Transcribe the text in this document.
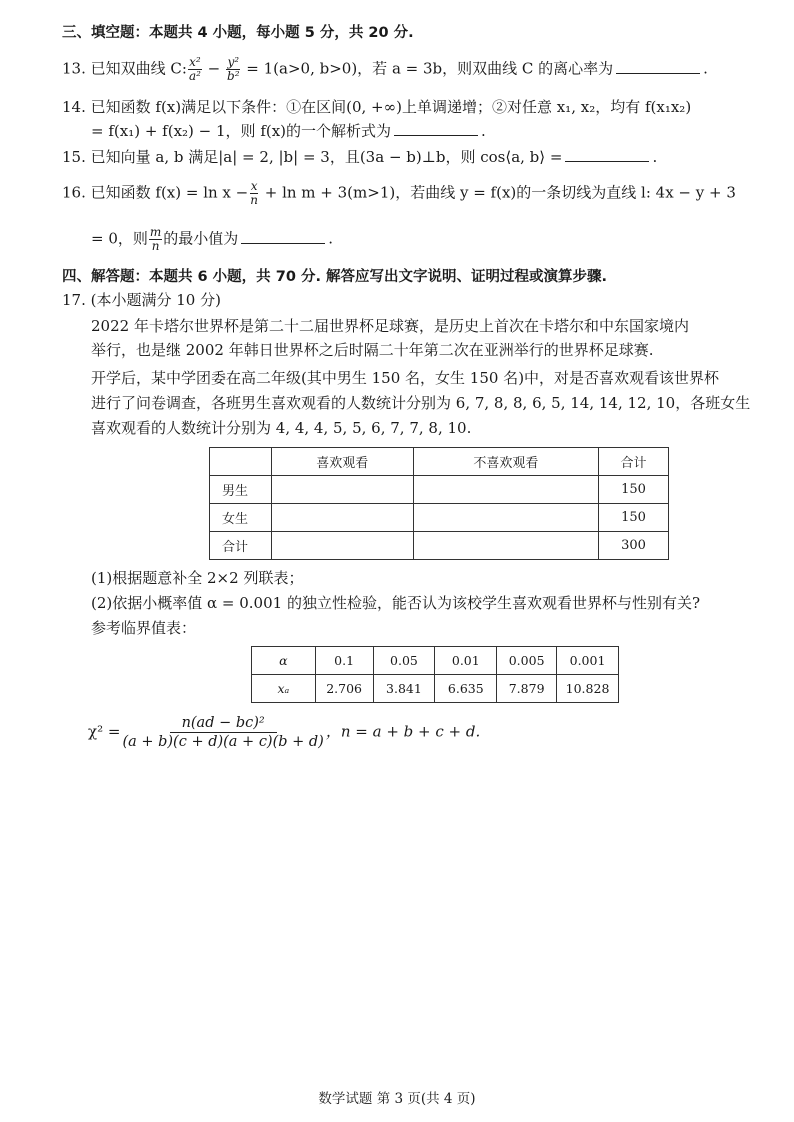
三、填空题：本题共 4 小题，每小题 5 分，共 20 分.
13. 已知双曲线 C: $\frac{\text{x²}}{\text{a²}} - \frac{\text{y²}}{\text{b²}} = 1(a>0$, b>0)，若 a = 3b，则双曲线 C 的离心率为	.
14. 已知函数 f(x)满足以下条件：①在区间(0, +∞)上单调递增；②对任意 x₁, x₂，均有 f(x₁x₂)
= f(x₁) + f(x₂) − 1，则 f(x)的一个解析式为	.
15. 已知向量 a, b 满足|a| = 2, |b| = 3，且(3a − b)⊥b，则 cos⟨a, b⟩ =	.
16. 已知函数 $f(x) = \ln x - \frac{x}{n} + \ln m + 3(m>1)$，若曲线 y = f(x)的一条切线为直线 l: 4x − y + 3
= 0，则 $\frac{m}{n}$ 的最小值为	.
四、解答题：本题共 6 小题，共 70 分. 解答应写出文字说明、证明过程或演算步骤.
17. (本小题满分 10 分)
2022 年卡塔尔世界杯是第二十二届世界杯足球赛，是历史上首次在卡塔尔和中东国家境内
举行，也是继 2002 年韩日世界杯之后时隔二十年第二次在亚洲举行的世界杯足球赛.
开学后，某中学团委在高二年级(其中男生 150 名，女生 150 名)中，对是否喜欢观看该世界杯
进行了问卷调查，各班男生喜欢观看的人数统计分别为 6, 7, 8, 8, 6, 5, 14, 14, 12, 10，各班女生
喜欢观看的人数统计分别为 4, 4, 4, 5, 5, 6, 7, 7, 8, 10.
	喜欢观看	不喜欢观看	合计
男生			150
女生			150
合计			300
(1)根据题意补全 2×2 列联表；
(2)依据小概率值 α = 0.001 的独立性检验，能否认为该校学生喜欢观看世界杯与性别有关?
参考临界值表：
α	0.1	0.05	0.01	0.005	0.001
xₐ	2.706	3.841	6.635	7.879	10.828
$\chi^2 = \frac{\text{n(ad − bc)²}}{(a + b)(c + d)(a + c)(b + d)}$ ，n = a + b + c + d.
数学试题 第 3 页(共 4 页)
